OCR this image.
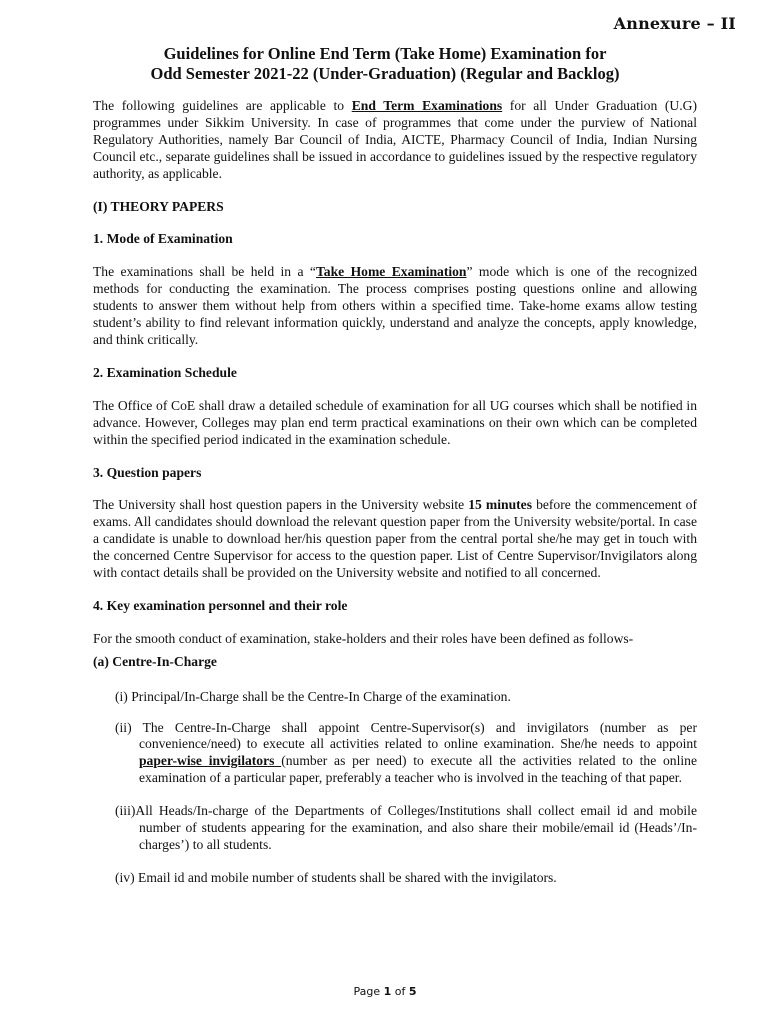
Annexure – II
Guidelines for Online End Term (Take Home) Examination for
Odd Semester 2021-22 (Under-Graduation) (Regular and Backlog)

The following guidelines are applicable to End Term Examinations for all Under Graduation (U.G) programmes under Sikkim University. In case of programmes that come under the purview of National Regulatory Authorities, namely Bar Council of India, AICTE, Pharmacy Council of India, Indian Nursing Council etc., separate guidelines shall be issued in accordance to guidelines issued by the respective regulatory authority, as applicable.

(I) THEORY PAPERS

1. Mode of Examination

The examinations shall be held in a “Take Home Examination” mode which is one of the recognized methods for conducting the examination. The process comprises posting questions online and allowing students to answer them without help from others within a specified time. Take-home exams allow testing student’s ability to find relevant information quickly, understand and analyze the concepts, apply knowledge, and think critically.

2. Examination Schedule

The Office of CoE shall draw a detailed schedule of examination for all UG courses which shall be notified in advance. However, Colleges may plan end term practical examinations on their own which can be completed within the specified period indicated in the examination schedule.

3. Question papers

The University shall host question papers in the University website 15 minutes before the commencement of exams. All candidates should download the relevant question paper from the University website/portal. In case a candidate is unable to download her/his question paper from the central portal she/he may get in touch with the concerned Centre Supervisor for access to the question paper. List of Centre Supervisor/Invigilators along with contact details shall be provided on the University website and notified to all concerned.

4. Key examination personnel and their role

For the smooth conduct of examination, stake-holders and their roles have been defined as follows-

(a) Centre-In-Charge

(i) Principal/In-Charge shall be the Centre-In Charge of the examination.

(ii) The Centre-In-Charge shall appoint Centre-Supervisor(s) and invigilators (number as per convenience/need) to execute all activities related to online examination. She/he needs to appoint paper-wise invigilators (number as per need) to execute all the activities related to the online examination of a particular paper, preferably a teacher who is involved in the teaching of that paper.

(iii)All Heads/In-charge of the Departments of Colleges/Institutions shall collect email id and mobile number of students appearing for the examination, and also share their mobile/email id (Heads’/In-charges’) to all students.

(iv) Email id and mobile number of students shall be shared with the invigilators.

Page 1 of 5
